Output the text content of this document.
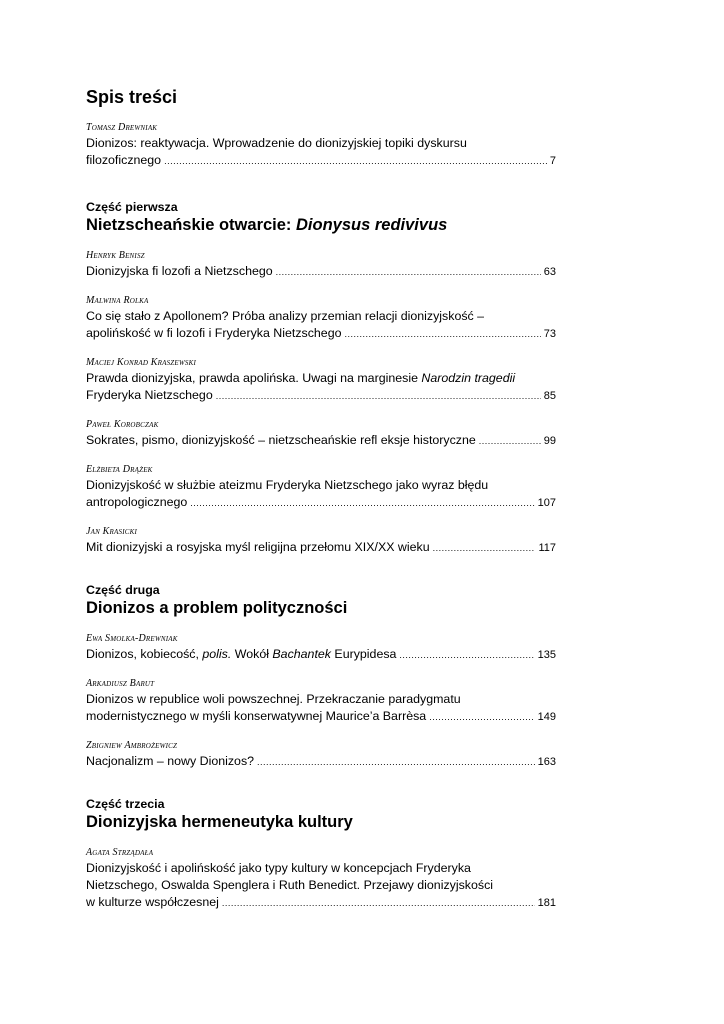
Spis treści
Tomasz Drewniak
Dionizos: reaktywacja. Wprowadzenie do dionizyjskiej topiki dyskursu
filozoficznego .....	7
Część pierwsza
Nietzscheańskie otwarcie: Dionysus redivivus
Henryk Benisz
Dionizyjska fi lozofi a Nietzschego .....	63
Malwina Rolka
Co się stało z Apollonem? Próba analizy przemian relacji dionizyjskość –
apolińskość w fi lozofi i Fryderyka Nietzschego .....	73
Maciej Konrad Kraszewski
Prawda dionizyjska, prawda apolińska. Uwagi na marginesie Narodzin tragedii
Fryderyka Nietzschego .....	85
Paweł Korobczak
Sokrates, pismo, dionizyjskość – nietzscheańskie refl eksje historyczne .....	99
Elżbieta Drążek
Dionizyjskość w służbie ateizmu Fryderyka Nietzschego jako wyraz błędu
antropologicznego .....	107
Jan Krasicki
Mit dionizyjski a rosyjska myśl religijna przełomu XIX/XX wieku .....	117
Część druga
Dionizos a problem polityczności
Ewa Smolka-Drewniak
Dionizos, kobiecość, polis. Wokół Bachantek Eurypidesa .....	135
Arkadiusz Barut
Dionizos w republice woli powszechnej. Przekraczanie paradygmatu
modernistycznego w myśli konserwatywnej Maurice’a Barrèsa .....	149
Zbigniew Ambrożewicz
Nacjonalizm – nowy Dionizos? .....	163
Część trzecia
Dionizyjska hermeneutyka kultury
Agata Strządała
Dionizyjskość i apolińskość jako typy kultury w koncepcjach Fryderyka
Nietzschego, Oswalda Spenglera i Ruth Benedict. Przejawy dionizyjskości
w kulturze współczesnej .....	181
